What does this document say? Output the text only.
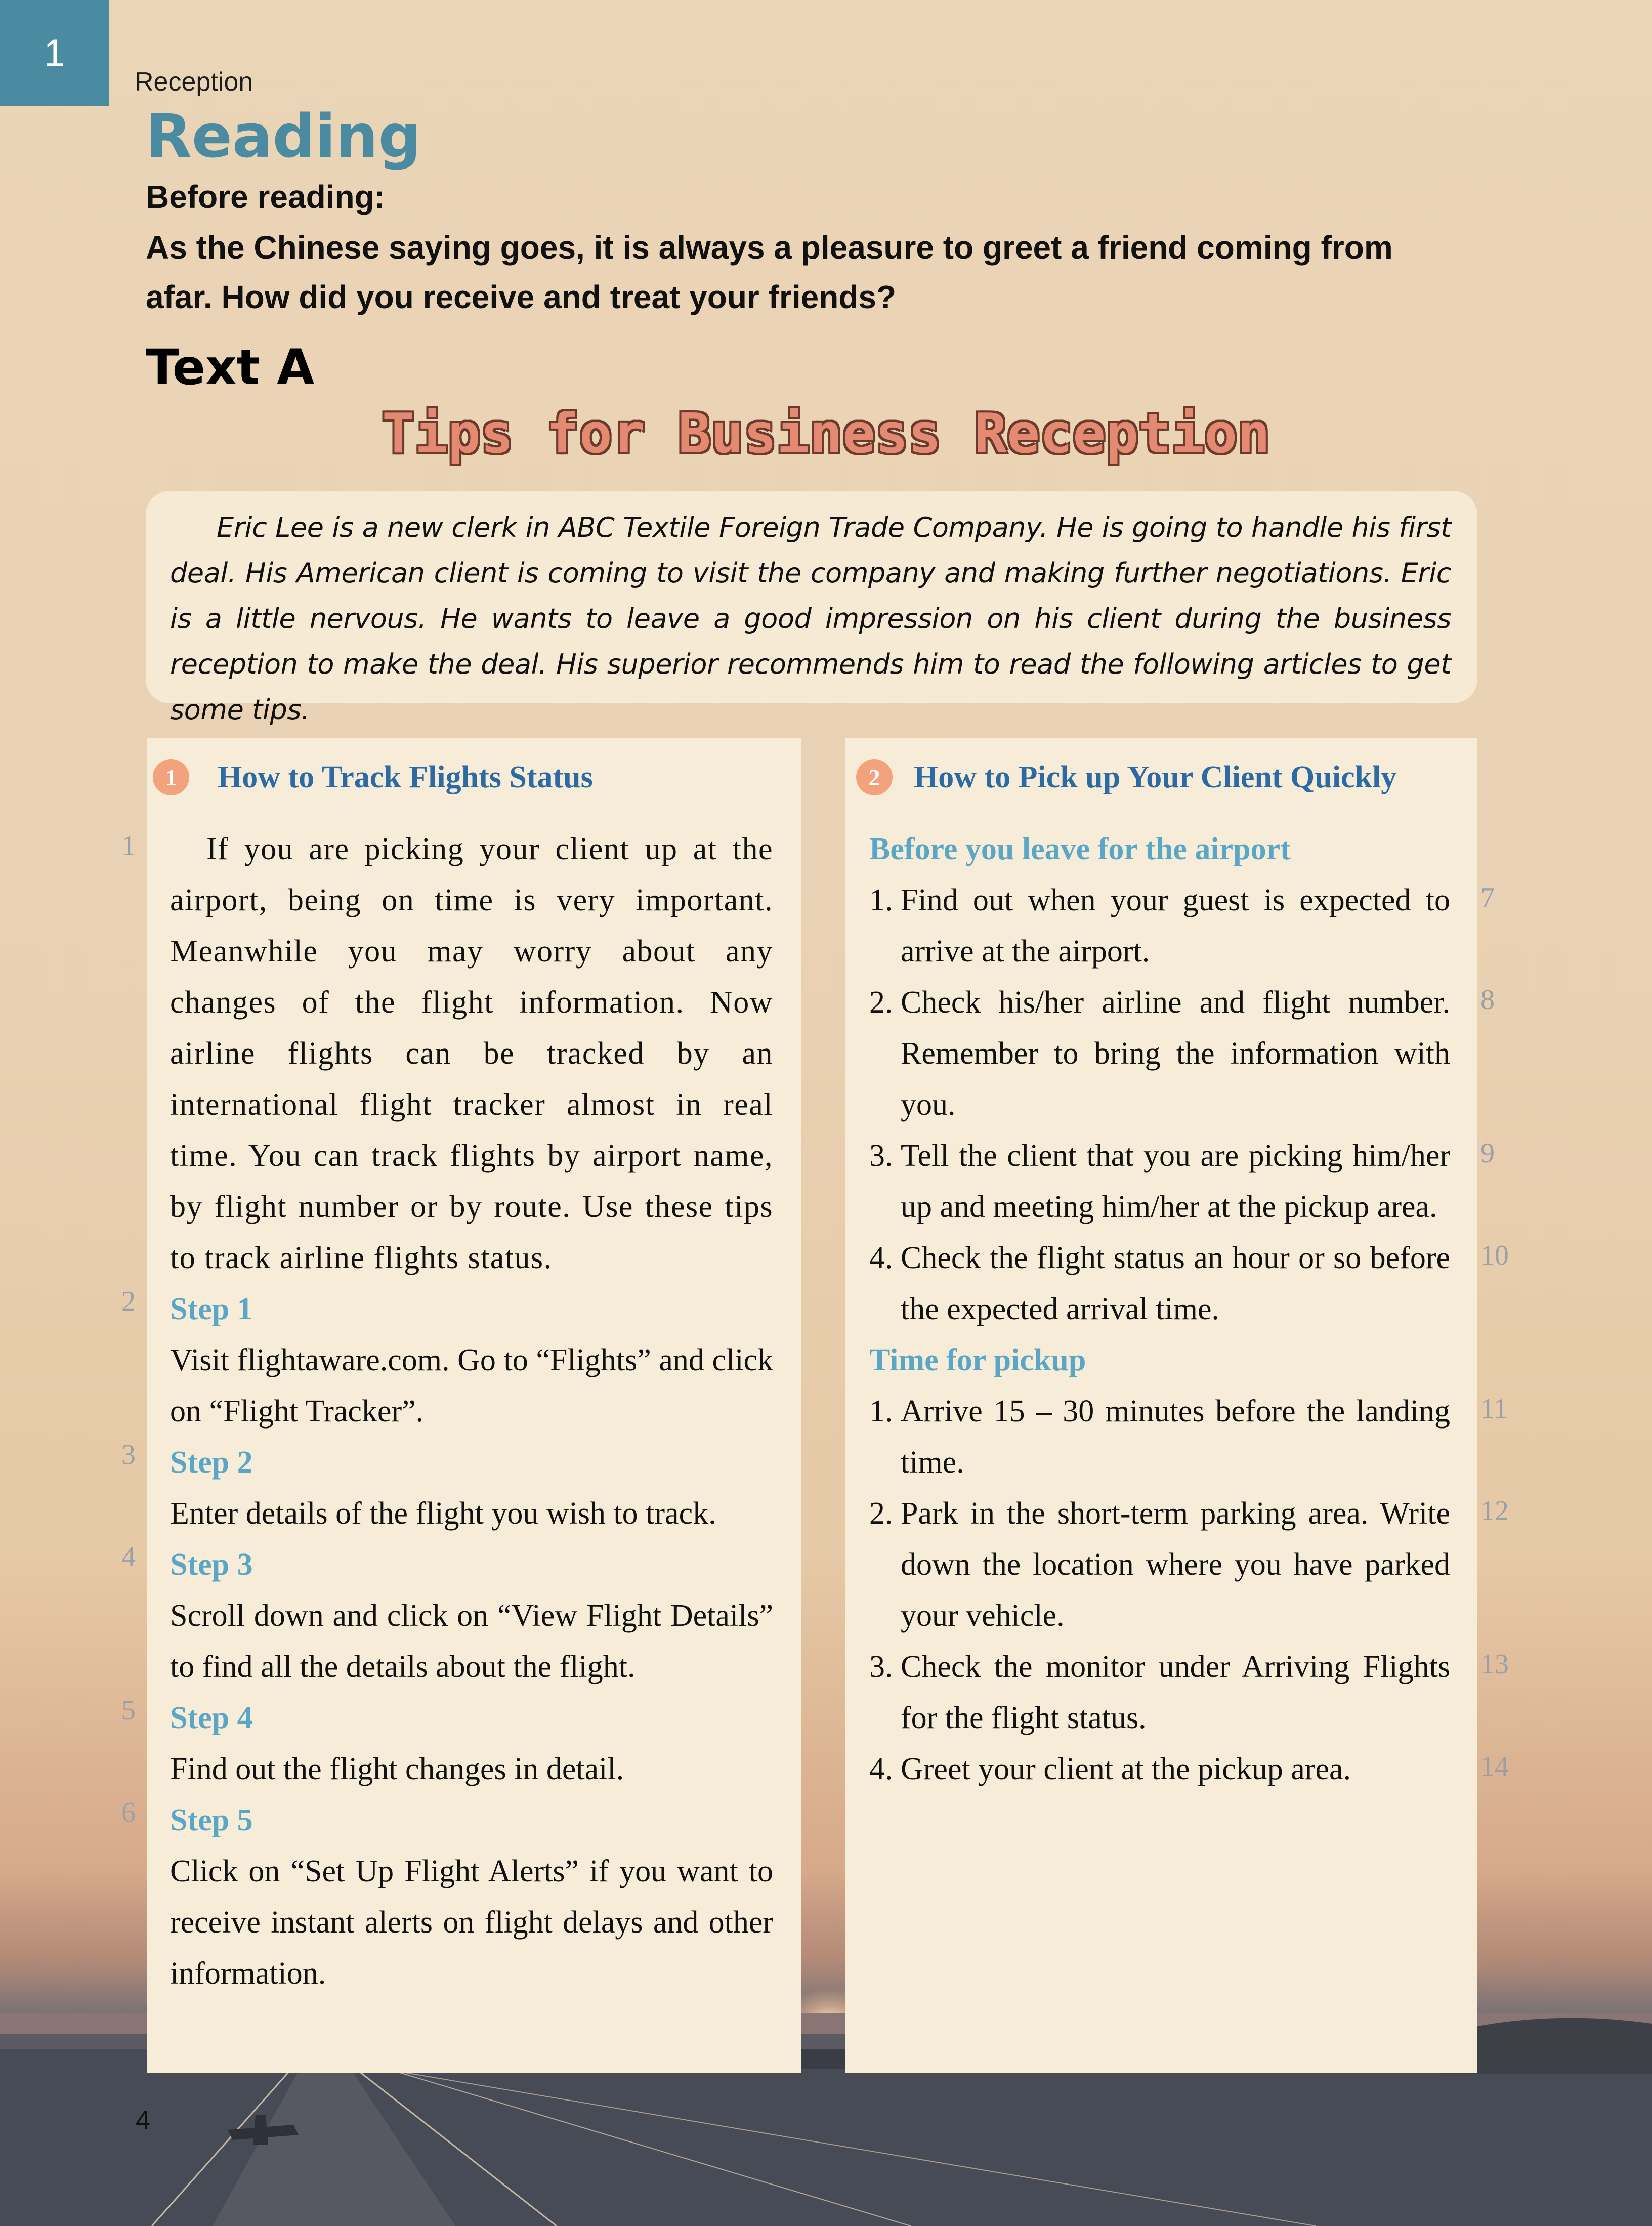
1
Reception
Reading
Before reading:
As the Chinese saying goes, it is always a pleasure to greet a friend coming from afar. How did you receive and treat your friends?
Text A
Tips for Business Reception

Eric Lee is a new clerk in ABC Textile Foreign Trade Company. He is going to handle his first deal. His American client is coming to visit the company and making further negotiations. Eric is a little nervous. He wants to leave a good impression on his client during the business reception to make the deal. His superior recommends him to read the following articles to get some tips.

1	How to Track Flights Status

If you are picking your client up at the airport, being on time is very important. Meanwhile you may worry about any changes of the flight information. Now airline flights can be tracked by an international flight tracker almost in real time. You can track flights by airport name, by flight number or by route. Use these tips to track airline flights status.

Step 1

Visit flightaware.com. Go to “Flights” and click on “Flight Tracker”.

Step 2

Enter details of the flight you wish to track.

Step 3

Scroll down and click on “View Flight Details” to find all the details about the flight.

Step 4

Find out the flight changes in detail.

Step 5

Click on “Set Up Flight Alerts” if you want to receive instant alerts on flight delays and other information.

1
2
3
4
5
6
2	How to Pick up Your Client Quickly

Before you leave for the airport

1. Find out when your guest is expected to arrive at the airport.
2. Check his/her airline and flight number. Remember to bring the information with you.
3. Tell the client that you are picking him/her up and meeting him/her at the pickup area.
4. Check the flight status an hour or so before the expected arrival time.

Time for pickup

1. Arrive 15 – 30 minutes before the landing time.
2. Park in the short-term parking area. Write down the location where you have parked your vehicle.
3. Check the monitor under Arriving Flights for the flight status.
4. Greet your client at the pickup area.
7
8
9
10
11
12
13
14
4
